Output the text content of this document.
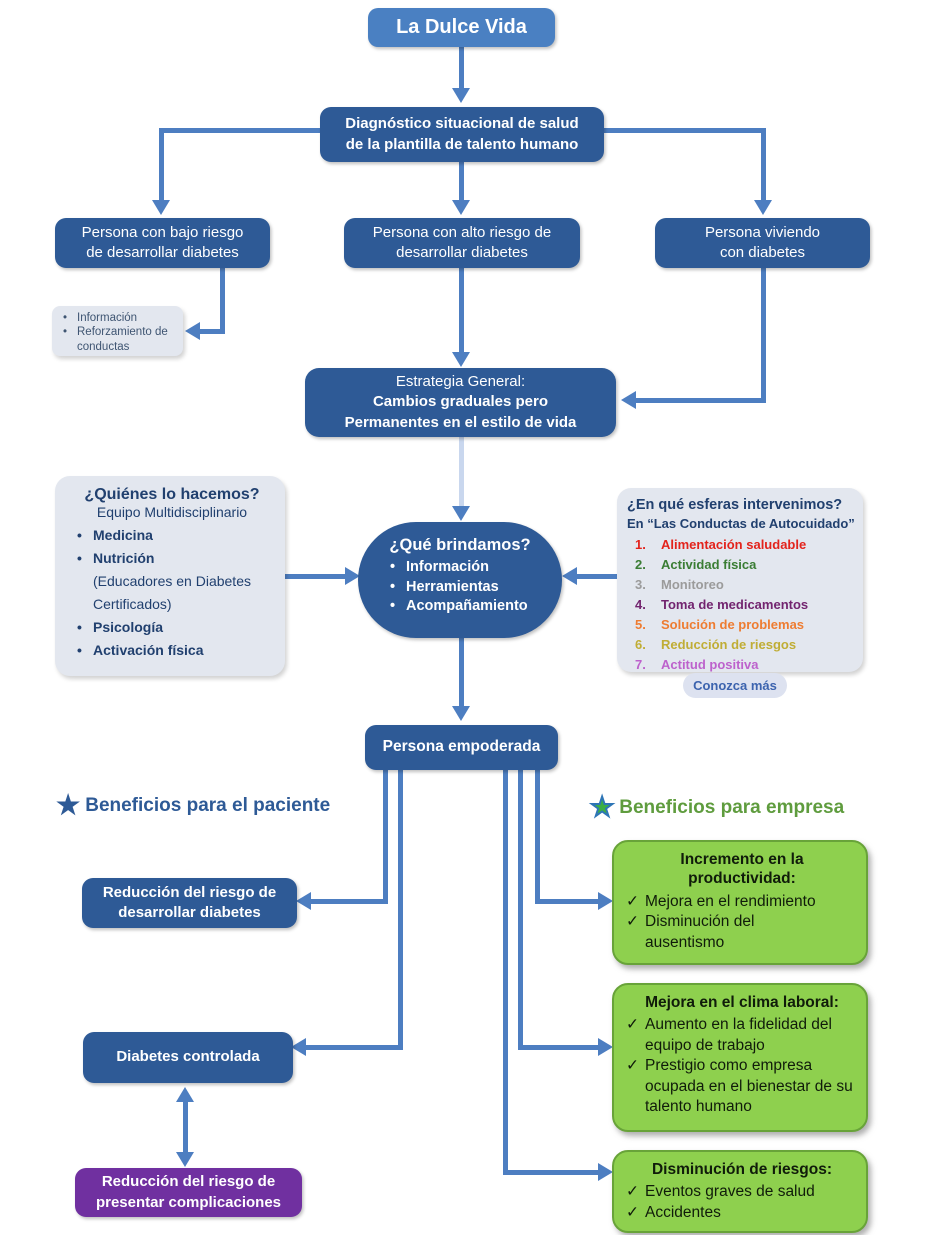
La Dulce Vida
Diagnóstico situacional de salud
de la plantilla de talento humano
Persona con bajo riesgo
de desarrollar diabetes
Persona con alto riesgo de
desarrollar diabetes
Persona viviendo
con diabetes
• Información
• Reforzamiento de conductas
Estrategia General:
Cambios graduales pero
Permanentes en el estilo de vida
¿Quiénes lo hacemos?
Equipo Multidisciplinario
• Medicina
• Nutrición
(Educadores en Diabetes Certificados)
• Psicología
• Activación física
¿Qué brindamos?
• Información
• Herramientas
• Acompañamiento
¿En qué esferas intervenimos?
En “Las Conductas de Autocuidado”
1.	Alimentación saludable
2.	Actividad física
3.	Monitoreo
4.	Toma de medicamentos
5.	Solución de problemas
6.	Reducción de riesgos
7.	Actitud positiva
Conozca más
Persona empoderada
★ Beneficios para el paciente	★ Beneficios para empresa
Reducción del riesgo de
desarrollar diabetes
Diabetes controlada
Reducción del riesgo de
presentar complicaciones
Incremento en la productividad:
✓ Mejora en el rendimiento
✓ Disminución del ausentismo
Mejora en el clima laboral:
✓ Aumento en la fidelidad del equipo de trabajo
✓ Prestigio como empresa ocupada en el bienestar de su talento humano
Disminución de riesgos:
✓ Eventos graves de salud
✓ Accidentes
